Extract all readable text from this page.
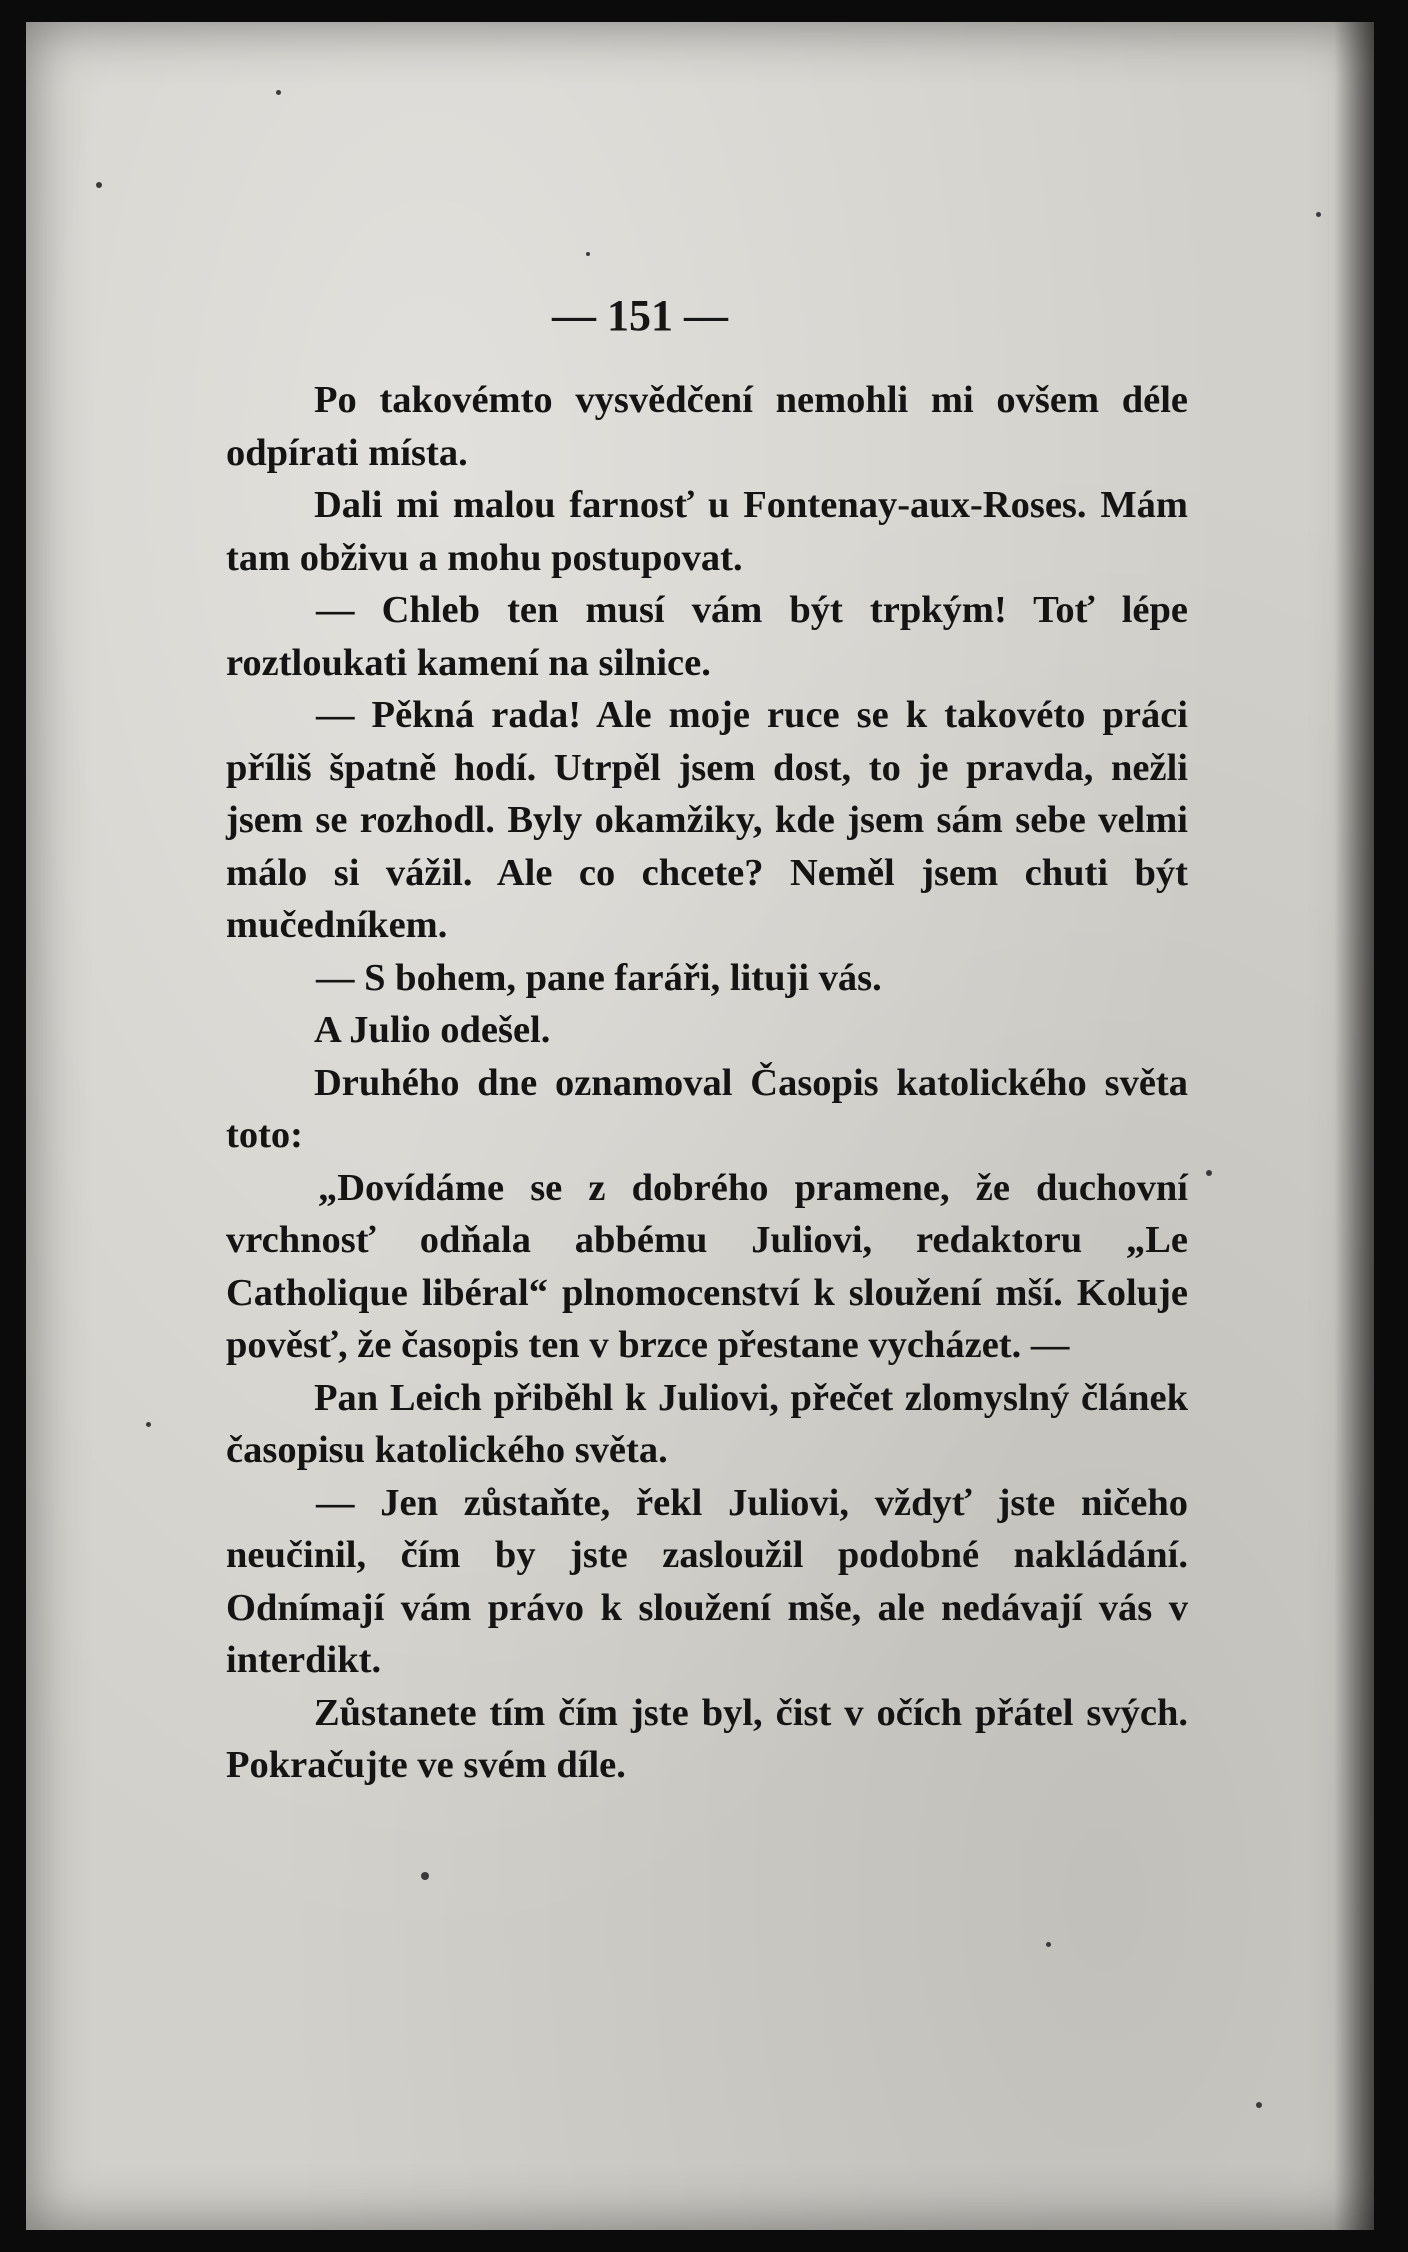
— 151 —

Po takovémto vysvědčení nemohli mi ovšem déle odpírati místa.

Dali mi malou farnosť u Fontenay-aux-Roses. Mám tam obživu a mohu postupovat.

— Chleb ten musí vám být trpkým! Toť lépe roztloukati kamení na silnice.

— Pěkná rada! Ale moje ruce se k takovéto práci příliš špatně hodí. Utrpěl jsem dost, to je pravda, nežli jsem se rozhodl. Byly okamžiky, kde jsem sám sebe velmi málo si vážil. Ale co chcete? Neměl jsem chuti být mučedníkem.

— S bohem, pane faráři, lituji vás.

A Julio odešel.

Druhého dne oznamoval Časopis katolického světa toto:

„Dovídáme se z dobrého pramene, že duchovní vrchnosť odňala abbému Juliovi, redaktoru „Le Catholique libéral“ plnomocenství k sloužení mší. Koluje pověsť, že časopis ten v brzce přestane vycházet. —

Pan Leich přiběhl k Juliovi, přečet zlomyslný článek časopisu katolického světa.

— Jen zůstaňte, řekl Juliovi, vždyť jste ničeho neučinil, čím by jste zasloužil podobné nakládání. Odnímají vám právo k sloužení mše, ale nedávají vás v interdikt.

Zůstanete tím čím jste byl, čist v očích přátel svých. Pokračujte ve svém díle.
